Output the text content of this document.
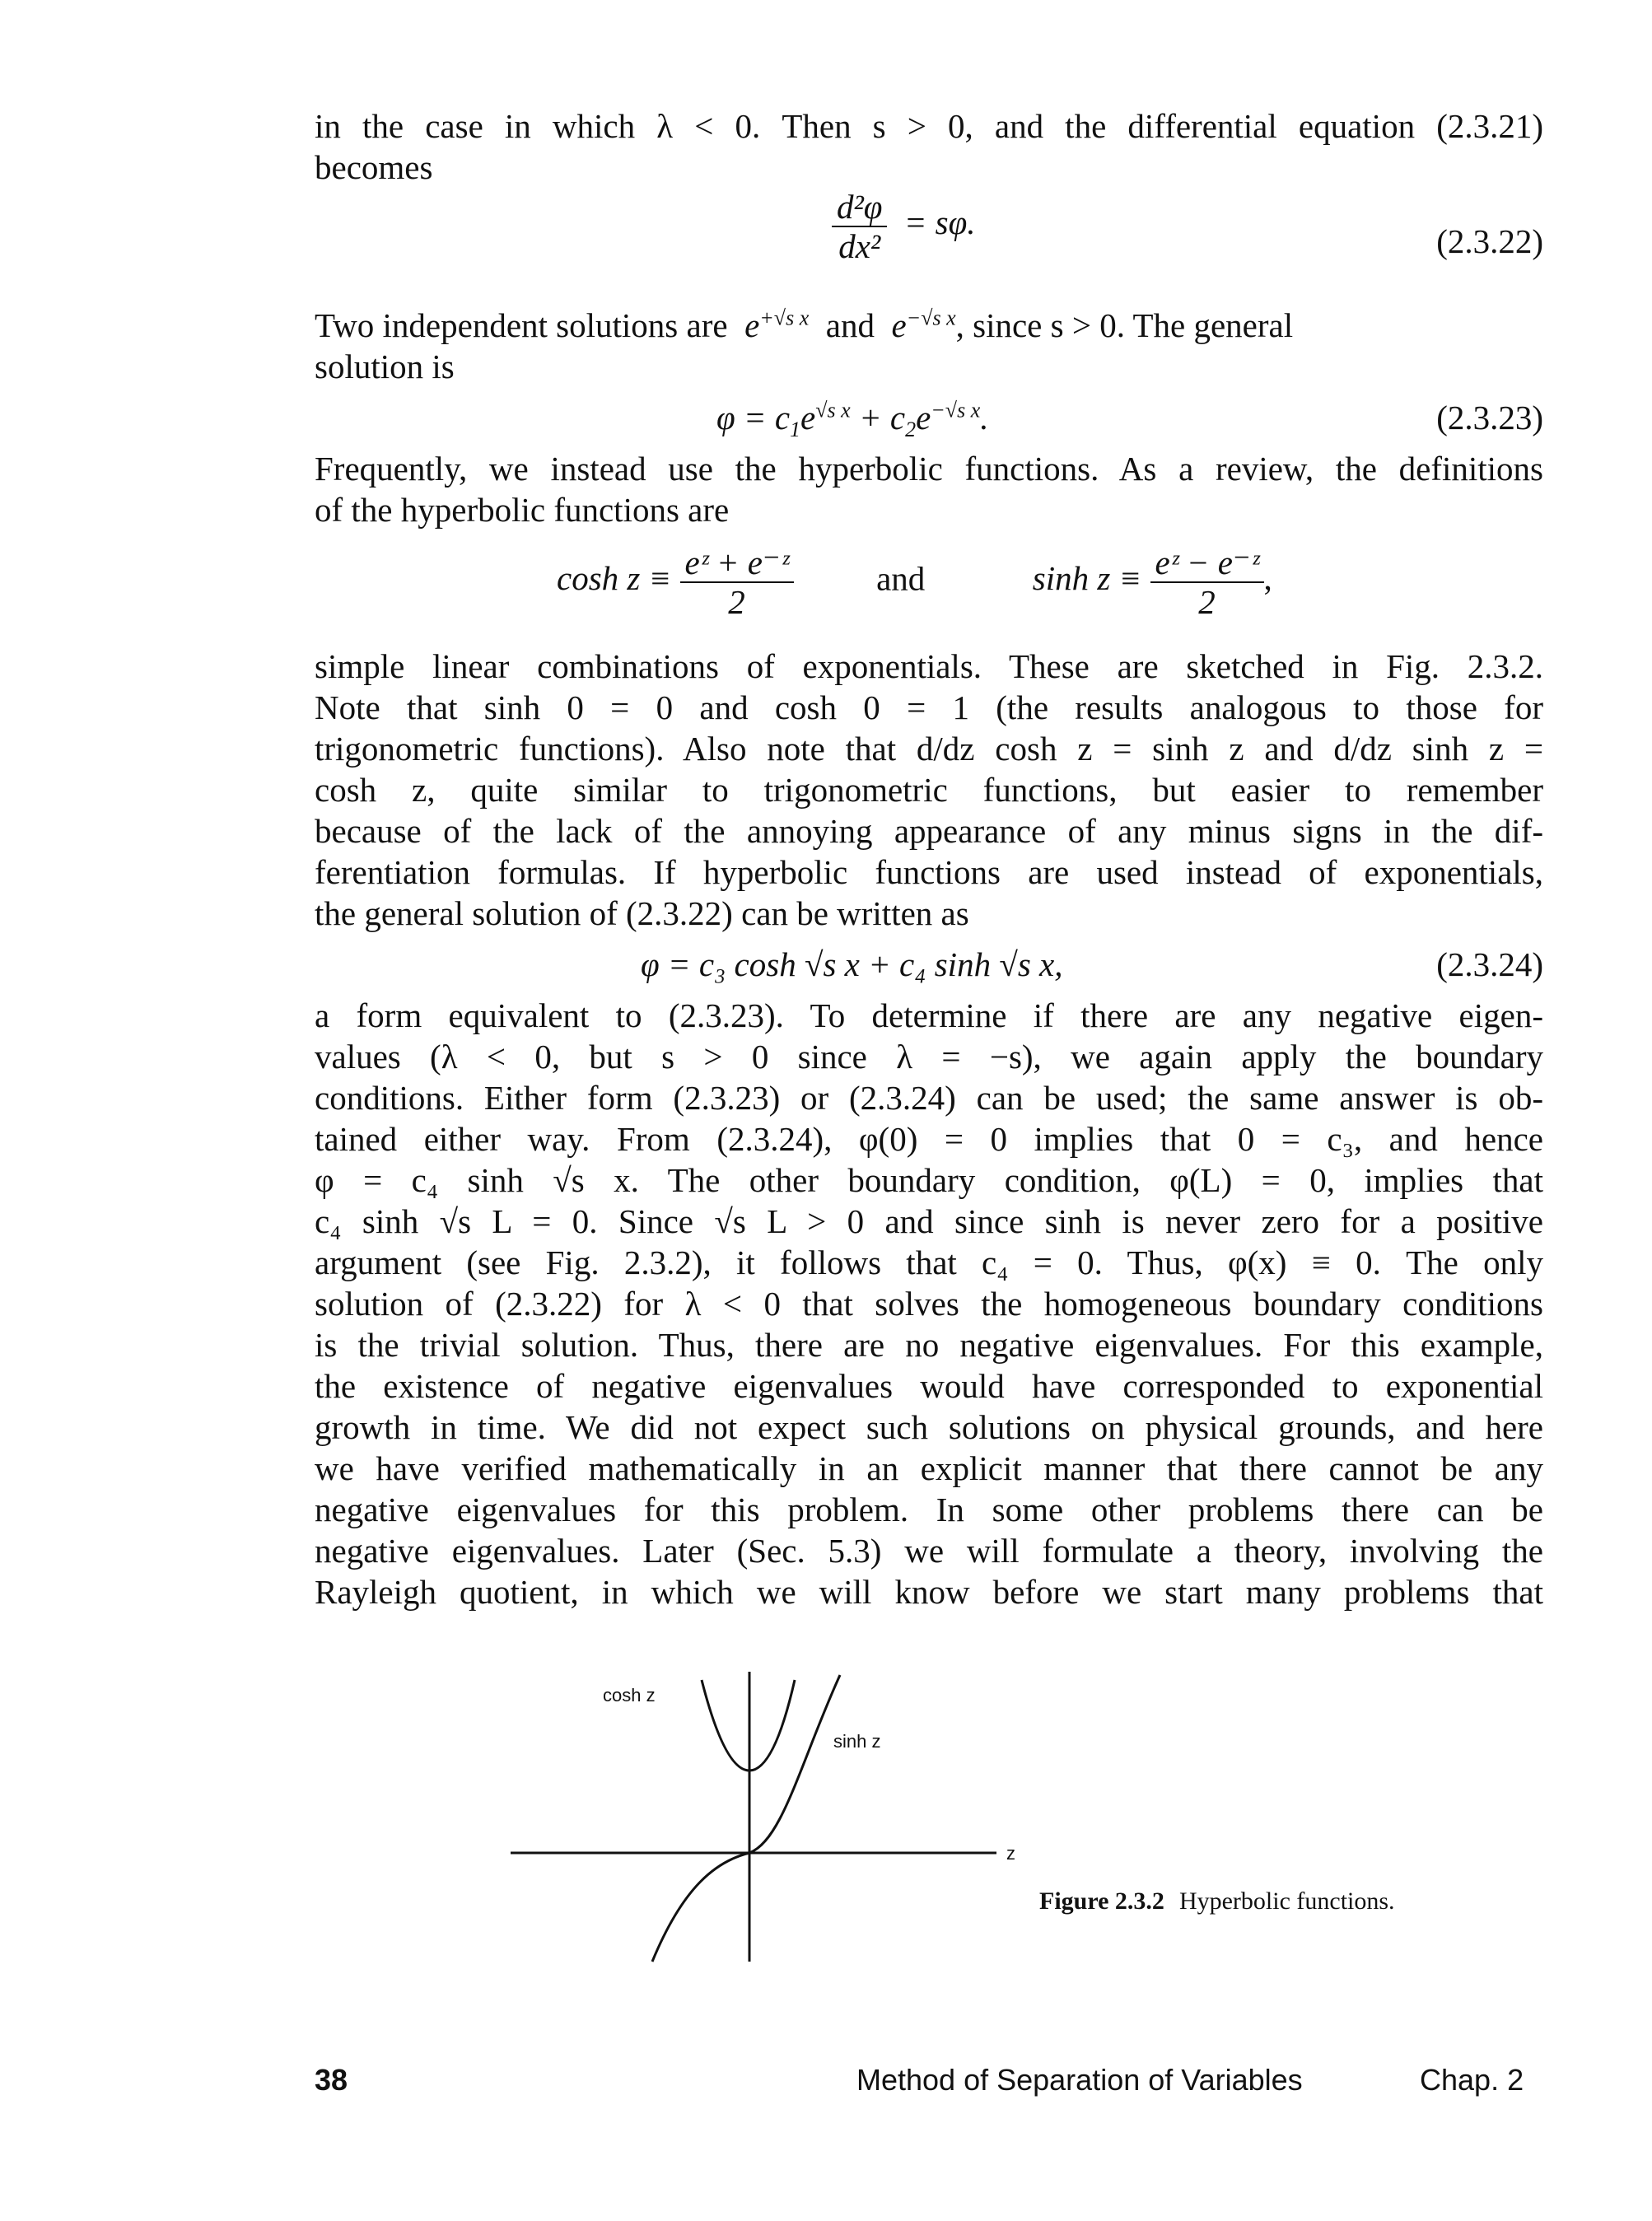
in the case in which λ < 0. Then s > 0, and the differential equation (2.3.21)
becomes
$\frac{\text{d²φ}}{\text{dx²}} = s\varphi$.	(2.3.22)
Two independent solutions are $e^{+√s x}$ and $e^{-√s x}$, since s > 0. The general
solution is
$\varphi = c_1e^{√s x} + c_2e^{-√s x}$.	(2.3.23)
Frequently, we instead use the hyperbolic functions. As a review, the definitions
of the hyperbolic functions are
$\cosh z \equiv \frac{\text{eᶻ + e⁻ᶻ}}{2}$ and	$\sinh z \equiv \frac{\text{eᶻ − e⁻ᶻ}}{2}$ ,
simple linear combinations of exponentials. These are sketched in Fig. 2.3.2.
Note that sinh 0 = 0 and cosh 0 = 1 (the results analogous to those for
trigonometric functions). Also note that d/dz cosh z = sinh z and d/dz sinh z =
cosh z, quite similar to trigonometric functions, but easier to remember
because of the lack of the annoying appearance of any minus signs in the dif-
ferentiation formulas. If hyperbolic functions are used instead of exponentials,
the general solution of (2.3.22) can be written as
φ = c₃ cosh √s x + c₄ sinh √s x,	(2.3.24)
a form equivalent to (2.3.23). To determine if there are any negative eigen-
values (λ < 0, but s > 0 since λ = −s), we again apply the boundary
conditions. Either form (2.3.23) or (2.3.24) can be used; the same answer is ob-
tained either way. From (2.3.24), φ(0) = 0 implies that 0 = c₃, and hence
φ = c₄ sinh √s x. The other boundary condition, φ(L) = 0, implies that
c₄ sinh √s L = 0. Since √s L > 0 and since sinh is never zero for a positive
argument (see Fig. 2.3.2), it follows that c₄ = 0. Thus, φ(x) ≡ 0. The only
solution of (2.3.22) for λ < 0 that solves the homogeneous boundary conditions
is the trivial solution. Thus, there are no negative eigenvalues. For this example,
the existence of negative eigenvalues would have corresponded to exponential
growth in time. We did not expect such solutions on physical grounds, and here
we have verified mathematically in an explicit manner that there cannot be any
negative eigenvalues for this problem. In some other problems there can be
negative eigenvalues. Later (Sec. 5.3) we will formulate a theory, involving the
Rayleigh quotient, in which we will know before we start many problems that
cosh z
sinh z
z
Figure 2.3.2 Hyperbolic functions.
38	Method of Separation of Variables	Chap. 2
